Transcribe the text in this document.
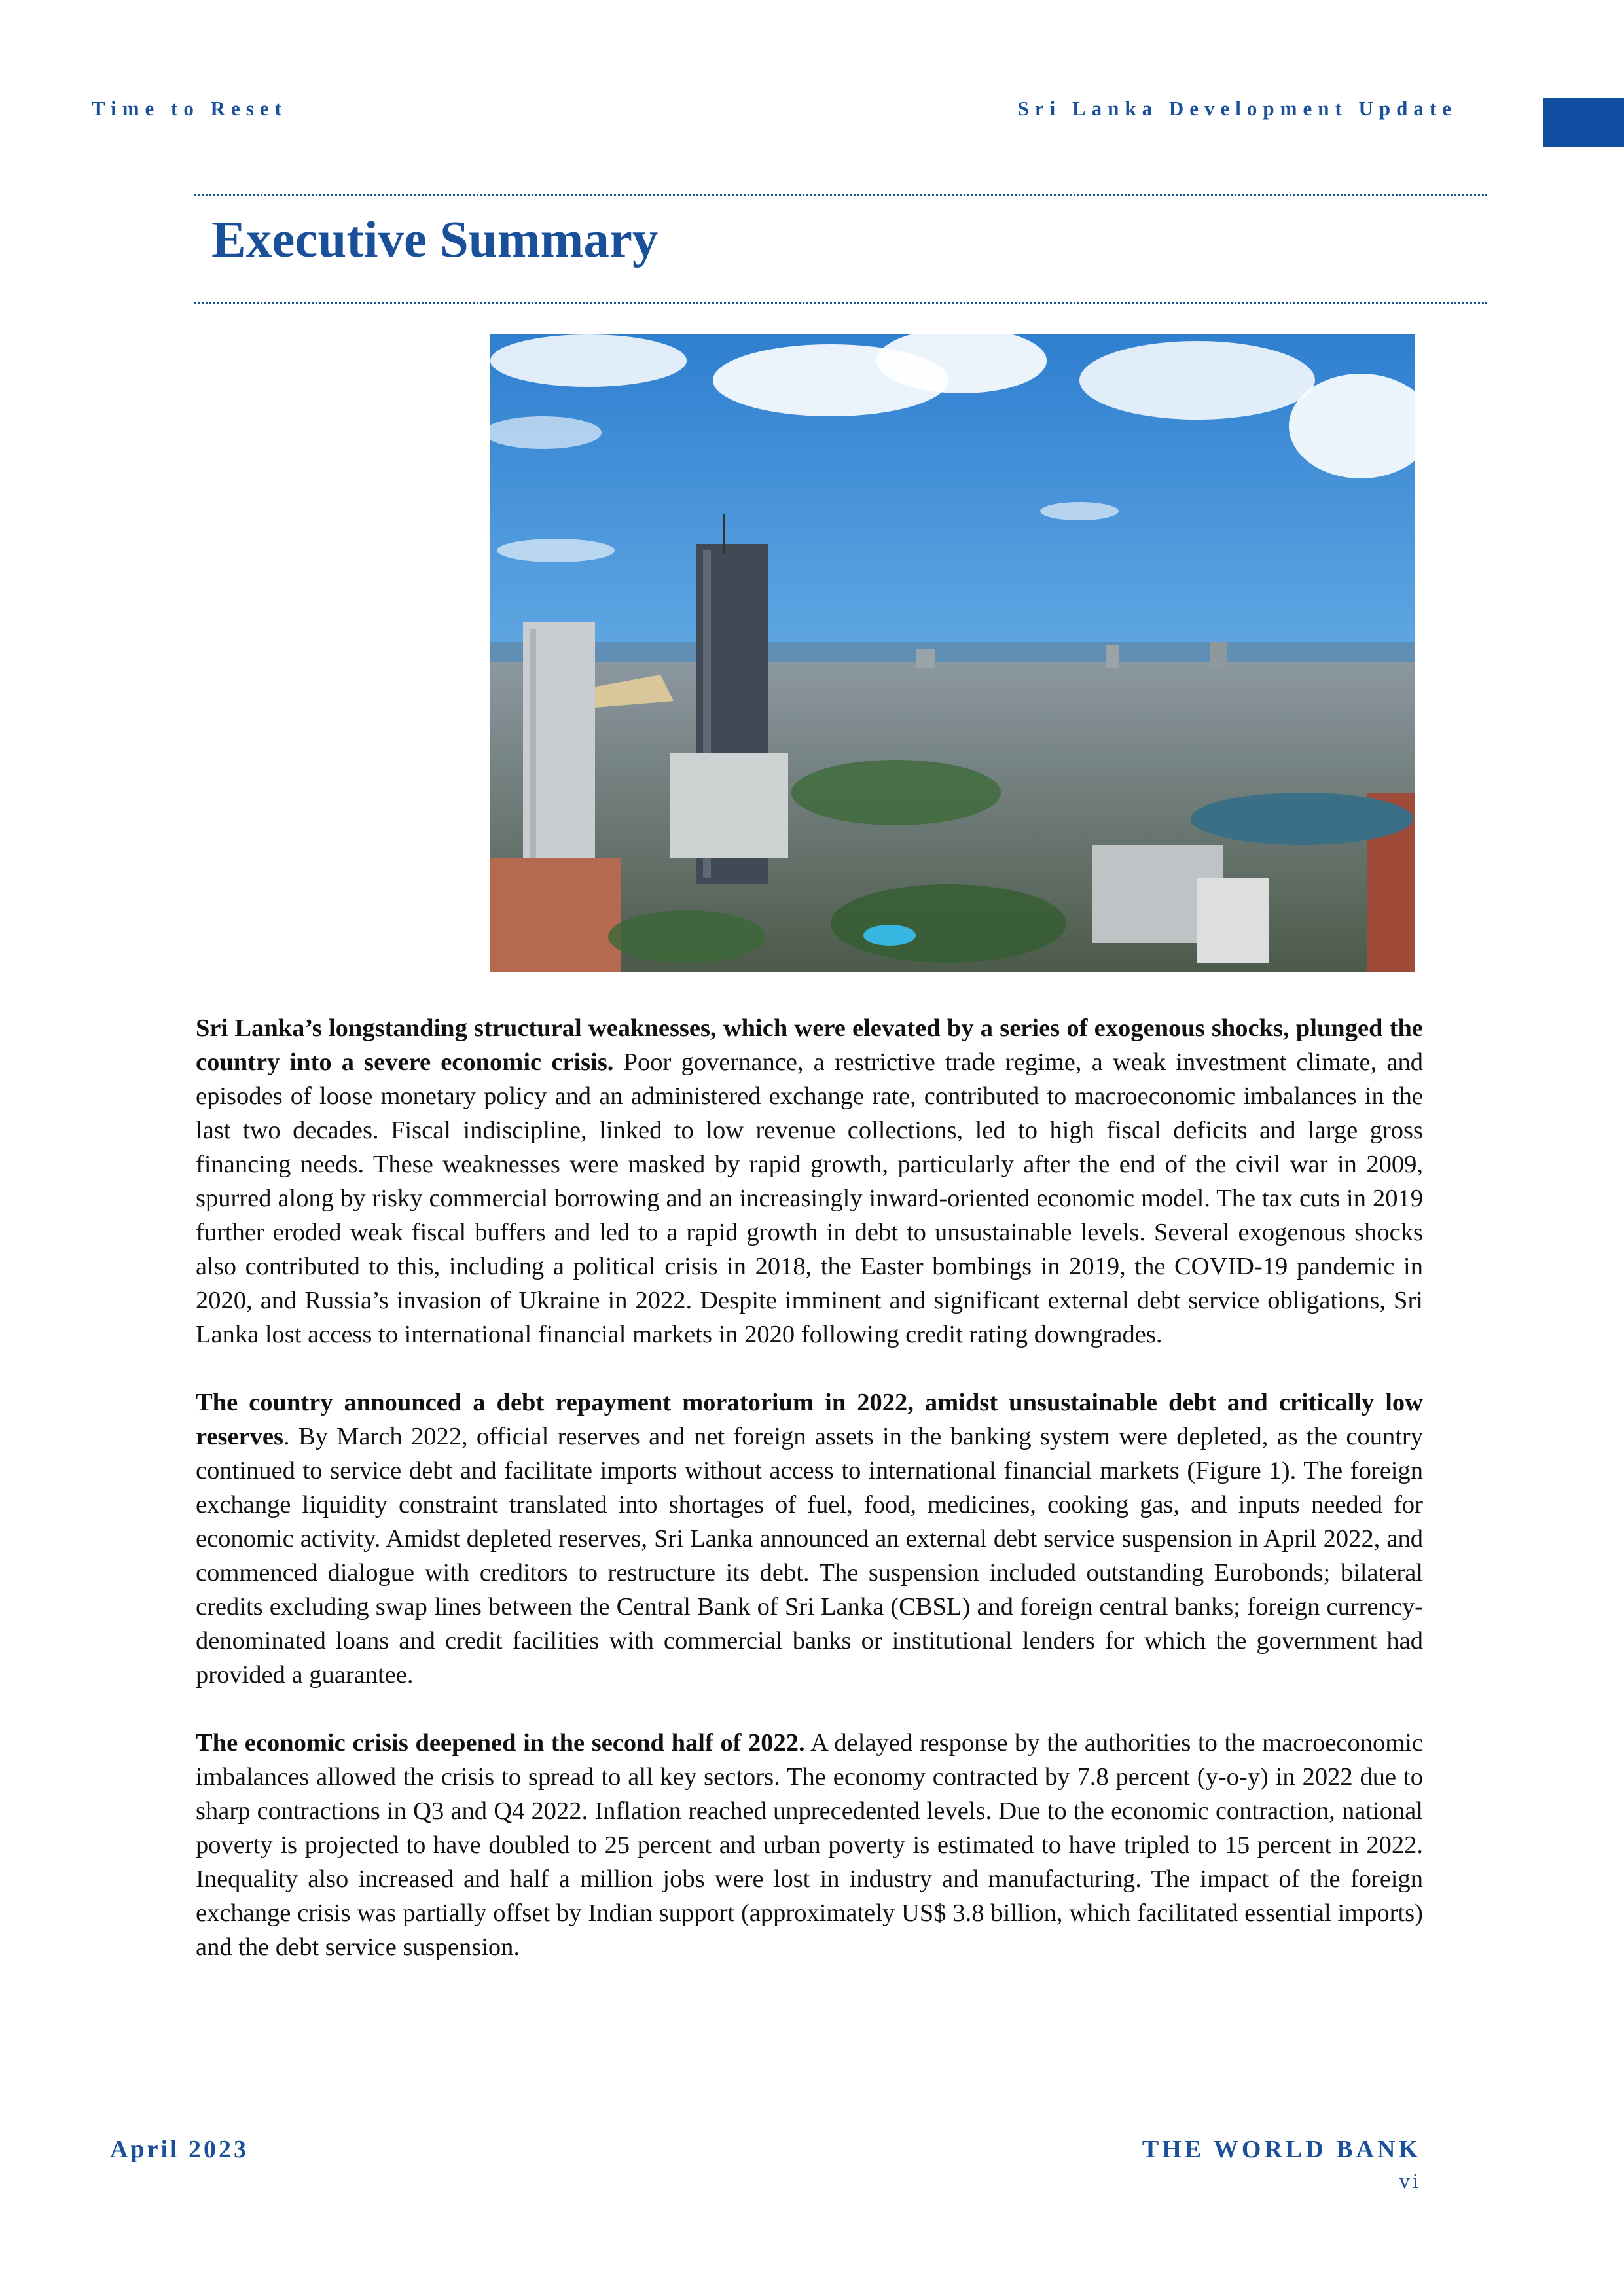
Time to Reset	Sri Lanka Development Update
Executive Summary

Sri Lanka’s longstanding structural weaknesses, which were elevated by a series of exogenous shocks, plunged the country into a severe economic crisis. Poor governance, a restrictive trade regime, a weak investment climate, and episodes of loose monetary policy and an administered exchange rate, contributed to macroeconomic imbalances in the last two decades. Fiscal indiscipline, linked to low revenue collections, led to high fiscal deficits and large gross financing needs. These weaknesses were masked by rapid growth, particularly after the end of the civil war in 2009, spurred along by risky commercial borrowing and an increasingly inward-oriented economic model. The tax cuts in 2019 further eroded weak fiscal buffers and led to a rapid growth in debt to unsustainable levels. Several exogenous shocks also contributed to this, including a political crisis in 2018, the Easter bombings in 2019, the COVID-19 pandemic in 2020, and Russia’s invasion of Ukraine in 2022. Despite imminent and significant external debt service obligations, Sri Lanka lost access to international financial markets in 2020 following credit rating downgrades.

The country announced a debt repayment moratorium in 2022, amidst unsustainable debt and critically low reserves. By March 2022, official reserves and net foreign assets in the banking system were depleted, as the country continued to service debt and facilitate imports without access to international financial markets (Figure 1). The foreign exchange liquidity constraint translated into shortages of fuel, food, medicines, cooking gas, and inputs needed for economic activity. Amidst depleted reserves, Sri Lanka announced an external debt service suspension in April 2022, and commenced dialogue with creditors to restructure its debt. The suspension included outstanding Eurobonds; bilateral credits excluding swap lines between the Central Bank of Sri Lanka (CBSL) and foreign central banks; foreign currency-denominated loans and credit facilities with commercial banks or institutional lenders for which the government had provided a guarantee.

The economic crisis deepened in the second half of 2022. A delayed response by the authorities to the macroeconomic imbalances allowed the crisis to spread to all key sectors. The economy contracted by 7.8 percent (y-o-y) in 2022 due to sharp contractions in Q3 and Q4 2022. Inflation reached unprecedented levels. Due to the economic contraction, national poverty is projected to have doubled to 25 percent and urban poverty is estimated to have tripled to 15 percent in 2022. Inequality also increased and half a million jobs were lost in industry and manufacturing. The impact of the foreign exchange crisis was partially offset by Indian support (approximately US$ 3.8 billion, which facilitated essential imports) and the debt service suspension.

April 2023	THE WORLD BANK
vi
